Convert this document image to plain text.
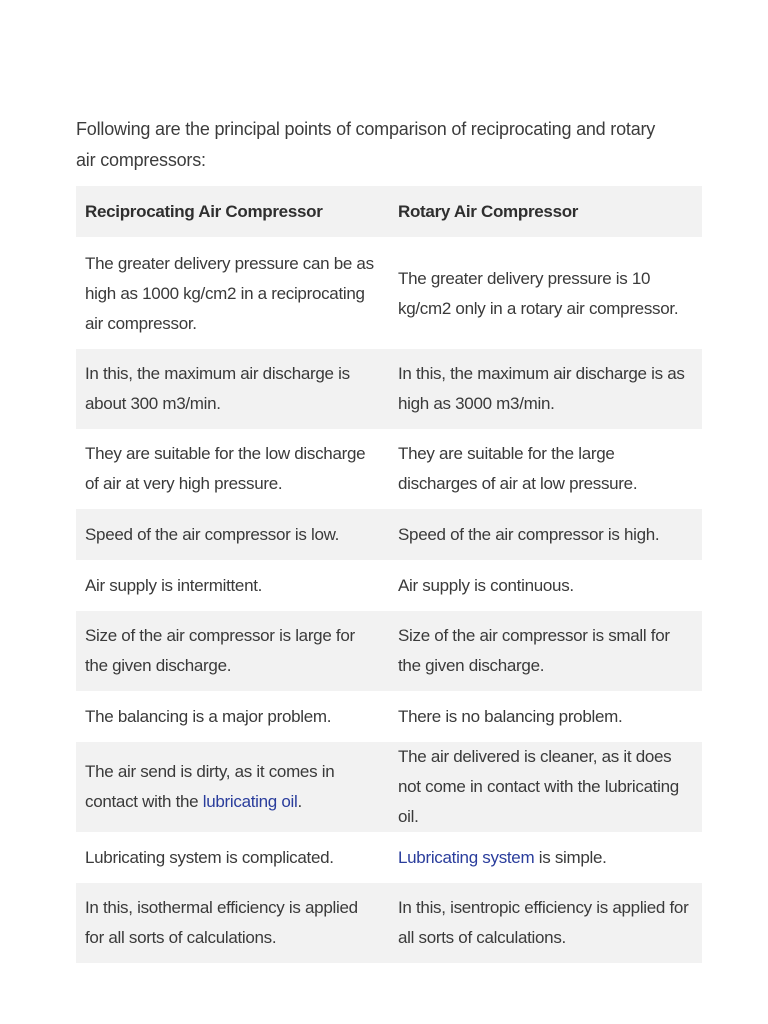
Following are the principal points of comparison of reciprocating and rotary air compressors:

Reciprocating Air Compressor	Rotary Air Compressor
The greater delivery pressure can be as high as 1000 kg/cm2 in a reciprocating air compressor.	The greater delivery pressure is 10 kg/cm2 only in a rotary air compressor.
In this, the maximum air discharge is about 300 m3/min.	In this, the maximum air discharge is as high as 3000 m3/min.
They are suitable for the low discharge of air at very high pressure.	They are suitable for the large discharges of air at low pressure.
Speed of the air compressor is low.	Speed of the air compressor is high.
Air supply is intermittent.	Air supply is continuous.
Size of the air compressor is large for the given discharge.	Size of the air compressor is small for the given discharge.
The balancing is a major problem.	There is no balancing problem.
The air send is dirty, as it comes in contact with the lubricating oil.	The air delivered is cleaner, as it does not come in contact with the lubricating oil.
Lubricating system is complicated.	Lubricating system is simple.
In this, isothermal efficiency is applied for all sorts of calculations.	In this, isentropic efficiency is applied for all sorts of calculations.
